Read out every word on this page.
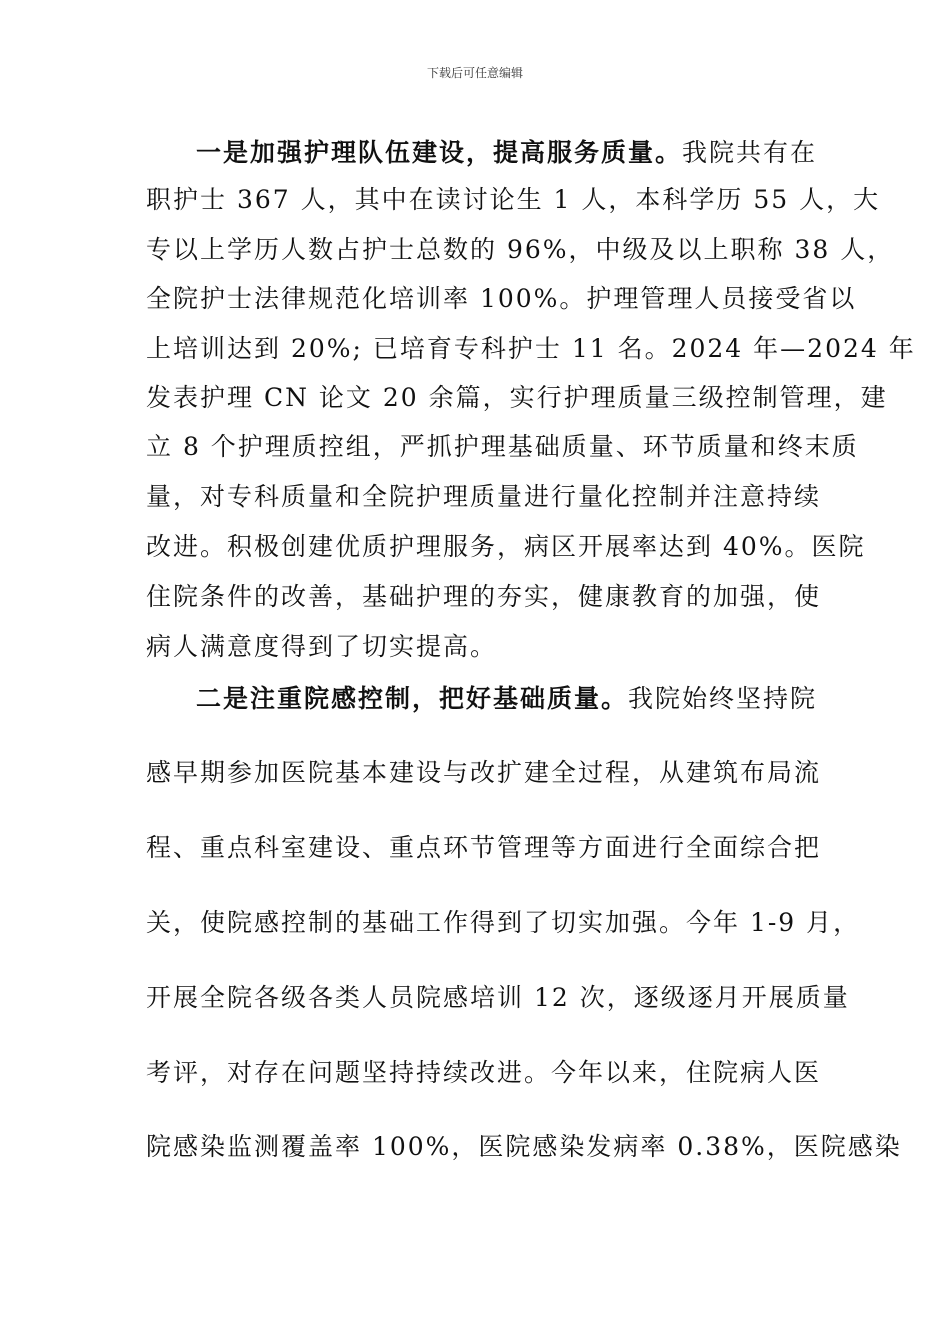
下载后可任意编辑

一是加强护理队伍建设，提高服务质量。我院共有在

职护士 367 人，其中在读讨论生 1 人，本科学历 55 人，大

专以上学历人数占护士总数的 96%，中级及以上职称 38 人，

全院护士法律规范化培训率 100%。护理管理人员接受省以

上培训达到 20%; 已培育专科护士 11 名。2024 年—2024 年

发表护理 CN 论文 20 余篇，实行护理质量三级控制管理，建

立 8 个护理质控组，严抓护理基础质量、环节质量和终末质

量，对专科质量和全院护理质量进行量化控制并注意持续

改进。积极创建优质护理服务，病区开展率达到 40%。医院

住院条件的改善，基础护理的夯实，健康教育的加强，使

病人满意度得到了切实提高。

二是注重院感控制，把好基础质量。我院始终坚持院

感早期参加医院基本建设与改扩建全过程，从建筑布局流

程、重点科室建设、重点环节管理等方面进行全面综合把

关，使院感控制的基础工作得到了切实加强。今年 1-9 月，

开展全院各级各类人员院感培训 12 次，逐级逐月开展质量

考评，对存在问题坚持持续改进。今年以来，住院病人医

院感染监测覆盖率 100%，医院感染发病率 0.38%，医院感染
